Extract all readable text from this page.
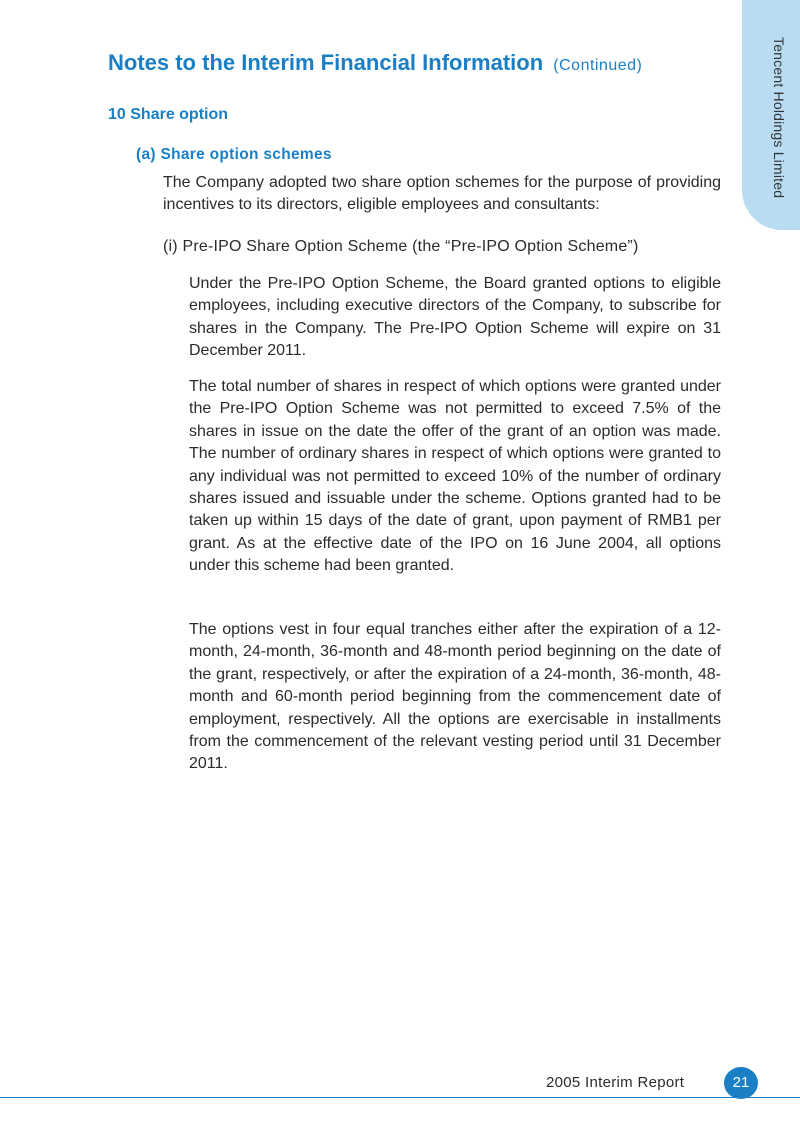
Tencent Holdings Limited
Notes to the Interim Financial Information (Continued)
10 Share option
(a) Share option schemes

The Company adopted two share option schemes for the purpose of providing incentives to its directors, eligible employees and consultants:

(i) Pre-IPO Share Option Scheme (the “Pre-IPO Option Scheme”)

Under the Pre-IPO Option Scheme, the Board granted options to eligible employees, including executive directors of the Company, to subscribe for shares in the Company. The Pre-IPO Option Scheme will expire on 31 December 2011.

The total number of shares in respect of which options were granted under the Pre-IPO Option Scheme was not permitted to exceed 7.5% of the shares in issue on the date the offer of the grant of an option was made. The number of ordinary shares in respect of which options were granted to any individual was not permitted to exceed 10% of the number of ordinary shares issued and issuable under the scheme. Options granted had to be taken up within 15 days of the date of grant, upon payment of RMB1 per grant. As at the effective date of the IPO on 16 June 2004, all options under this scheme had been granted.

The options vest in four equal tranches either after the expiration of a 12-month, 24-month, 36-month and 48-month period beginning on the date of the grant, respectively, or after the expiration of a 24-month, 36-month, 48-month and 60-month period beginning from the commencement date of employment, respectively. All the options are exercisable in installments from the commencement of the relevant vesting period until 31 December 2011.

2005 Interim Report	21
